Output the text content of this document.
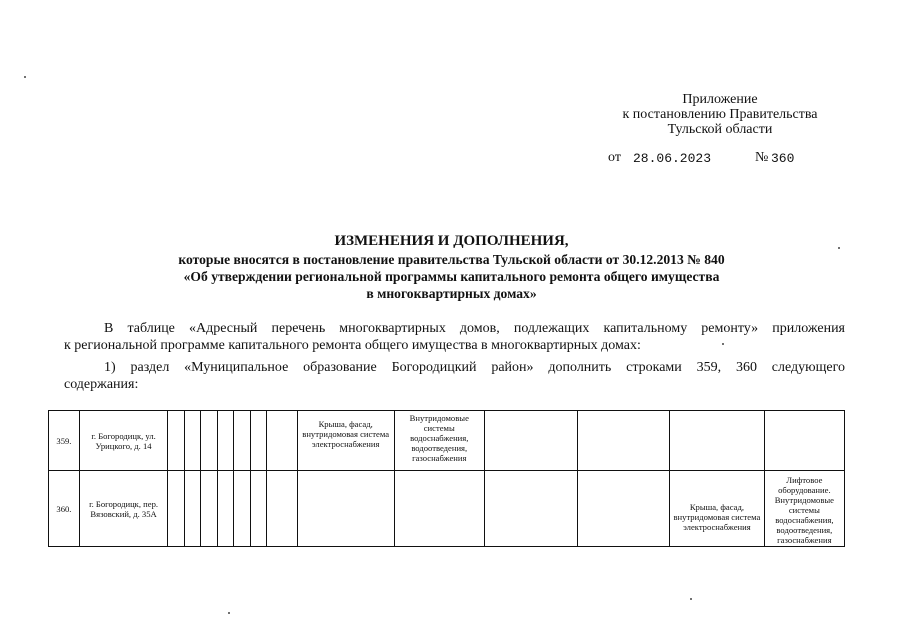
Приложение
к постановлению Правительства
Тульской области
от 28.06.2023	№ 360
ИЗМЕНЕНИЯ И ДОПОЛНЕНИЯ,
которые вносятся в постановление правительства Тульской области от 30.12.2013 № 840
«Об утверждении региональной программы капитального ремонта общего имущества
в многоквартирных домах»
В таблице «Адресный перечень многоквартирных домов, подлежащих капитальному ремонту» приложения
к региональной программе капитального ремонта общего имущества в многоквартирных домах:
1) раздел «Муниципальное образование Богородицкий район» дополнить строками 359, 360 следующего
содержания:
359.	г. Богородицк, ул. Урицкого, д. 14								Крыша, фасад, внутридомовая система электроснабжения	Внутридомовые системы водоснабжения, водоотведения, газоснабжения				
360.	г. Богородицк, пер. Вязовский, д. 35А												Крыша, фасад, внутридомовая система электроснабжения	Лифтовое оборудование. Внутридомовые системы водоснабжения, водоотведения, газоснабжения
